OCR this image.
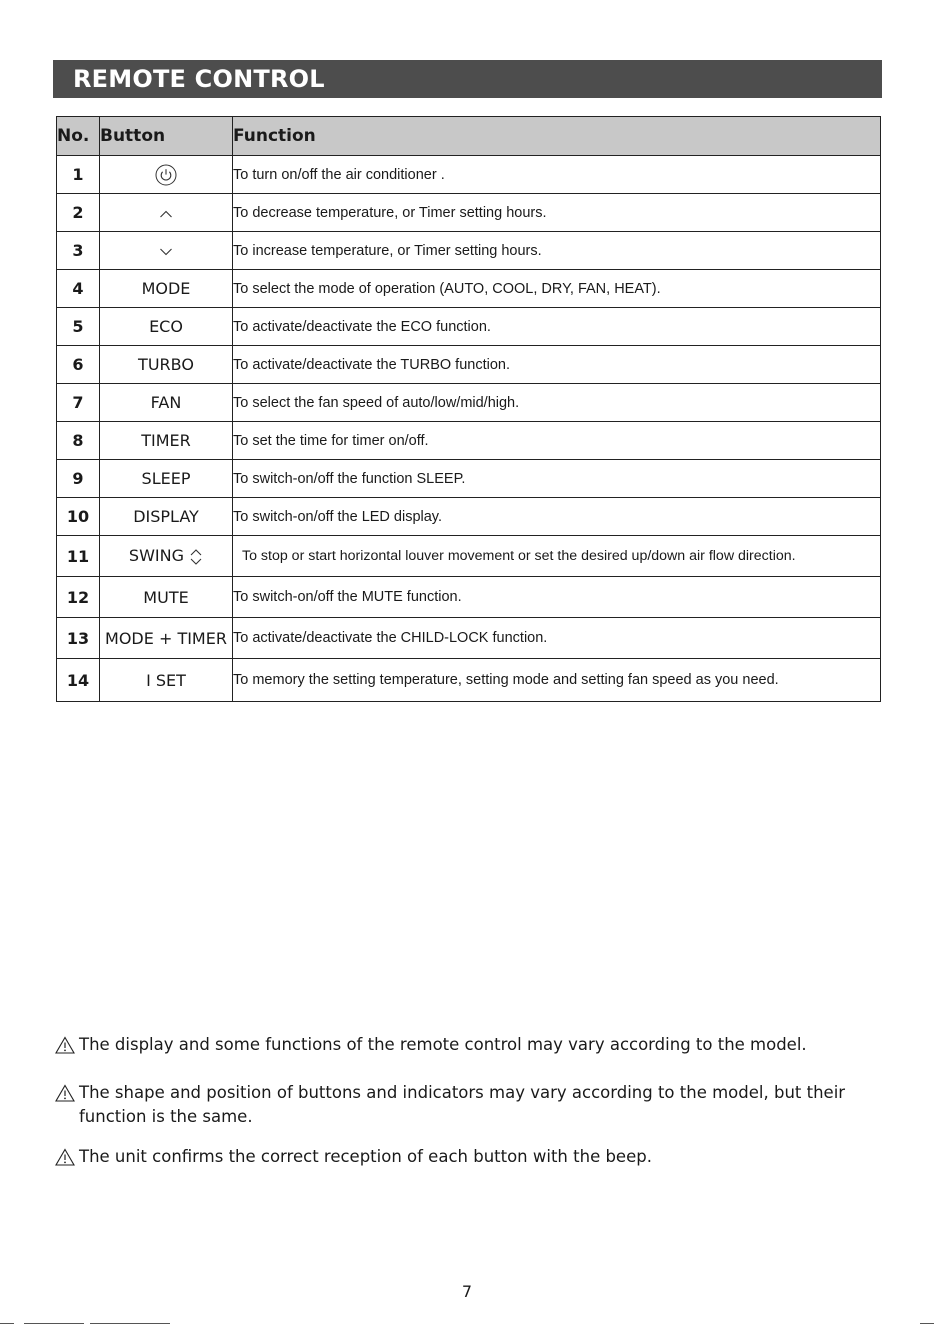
REMOTE CONTROL
No.	Button	Function
1		To turn on/off the air conditioner .
2		To decrease temperature, or Timer setting hours.
3		To increase temperature, or Timer setting hours.
4	MODE	To select the mode of operation (AUTO, COOL, DRY, FAN, HEAT).
5	ECO	To activate/deactivate the ECO function.
6	TURBO	To activate/deactivate the TURBO function.
7	FAN	To select the fan speed of auto/low/mid/high.
8	TIMER	To set the time for timer on/off.
9	SLEEP	To switch-on/off the function SLEEP.
10	DISPLAY	To switch-on/off the LED display.
11	SWING	To stop or start horizontal louver movement or set the desired up/down air flow direction.
12	MUTE	To switch-on/off the MUTE function.
13	MODE + TIMER	To activate/deactivate the CHILD-LOCK function.
14	I SET	To memory the setting temperature, setting mode and setting fan speed as you need.
The display and some functions of the remote control may vary according to the model.
The shape and position of buttons and indicators may vary according to the model, but their function is the same.
The unit confirms the correct reception of each button with the beep.
7
